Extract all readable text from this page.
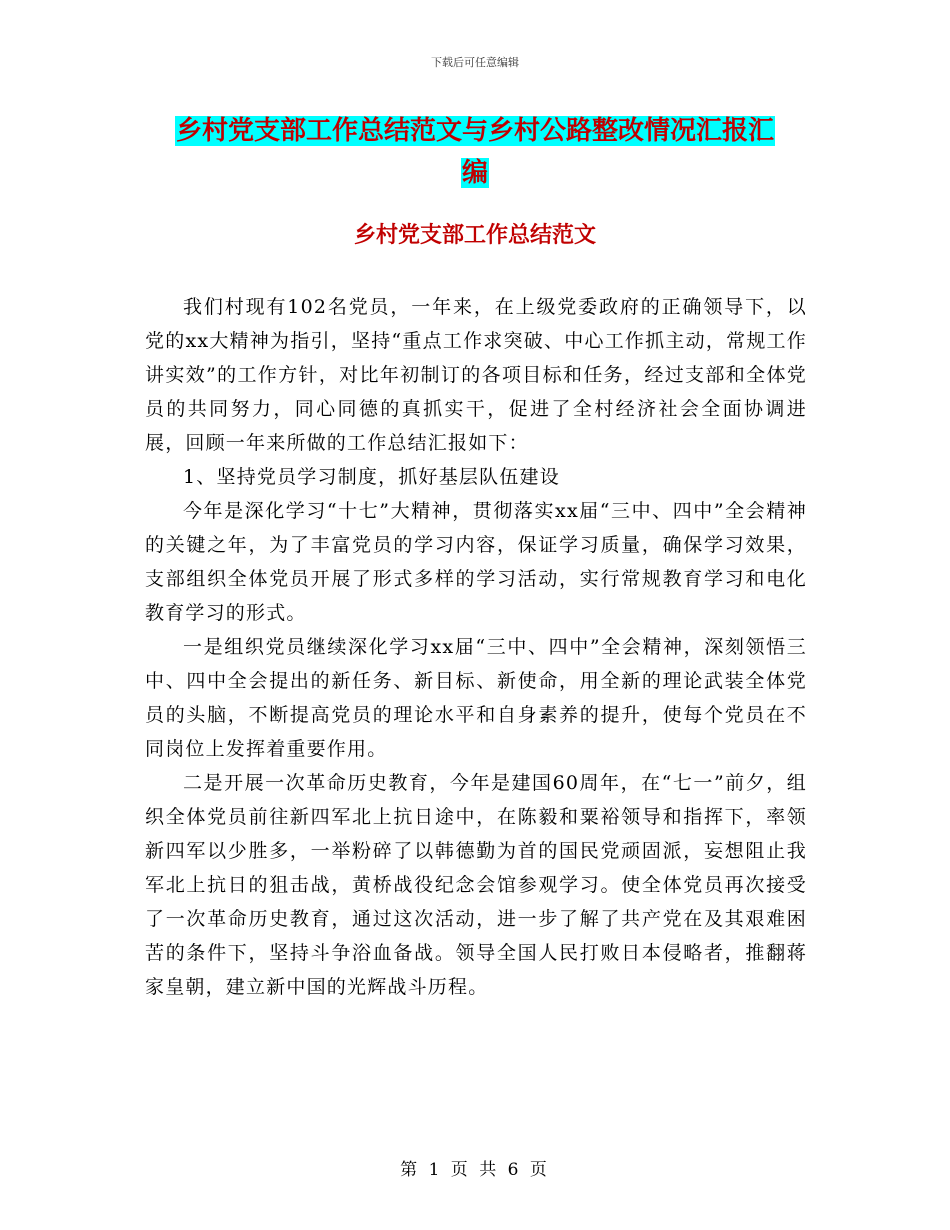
下载后可任意编辑
乡村党支部工作总结范文与乡村公路整改情况汇报汇
编
乡村党支部工作总结范文

我们村现有102名党员，一年来，在上级党委政府的正确领导下，以党的xx大精神为指引，坚持“重点工作求突破、中心工作抓主动，常规工作讲实效”的工作方针，对比年初制订的各项目标和任务，经过支部和全体党员的共同努力，同心同德的真抓实干，促进了全村经济社会全面协调进展，回顾一年来所做的工作总结汇报如下：

1、坚持党员学习制度，抓好基层队伍建设

今年是深化学习“十七”大精神，贯彻落实xx届“三中、四中”全会精神的关键之年，为了丰富党员的学习内容，保证学习质量，确保学习效果，支部组织全体党员开展了形式多样的学习活动，实行常规教育学习和电化教育学习的形式。

一是组织党员继续深化学习xx届“三中、四中”全会精神，深刻领悟三中、四中全会提出的新任务、新目标、新使命，用全新的理论武装全体党员的头脑，不断提高党员的理论水平和自身素养的提升，使每个党员在不同岗位上发挥着重要作用。

二是开展一次革命历史教育，今年是建国60周年，在“七一”前夕，组织全体党员前往新四军北上抗日途中，在陈毅和粟裕领导和指挥下，率领新四军以少胜多，一举粉碎了以韩德勤为首的国民党顽固派，妄想阻止我军北上抗日的狙击战，黄桥战役纪念会馆参观学习。使全体党员再次接受了一次革命历史教育，通过这次活动，进一步了解了共产党在及其艰难困苦的条件下，坚持斗争浴血备战。领导全国人民打败日本侵略者，推翻蒋家皇朝，建立新中国的光辉战斗历程。

第 1 页 共 6 页
